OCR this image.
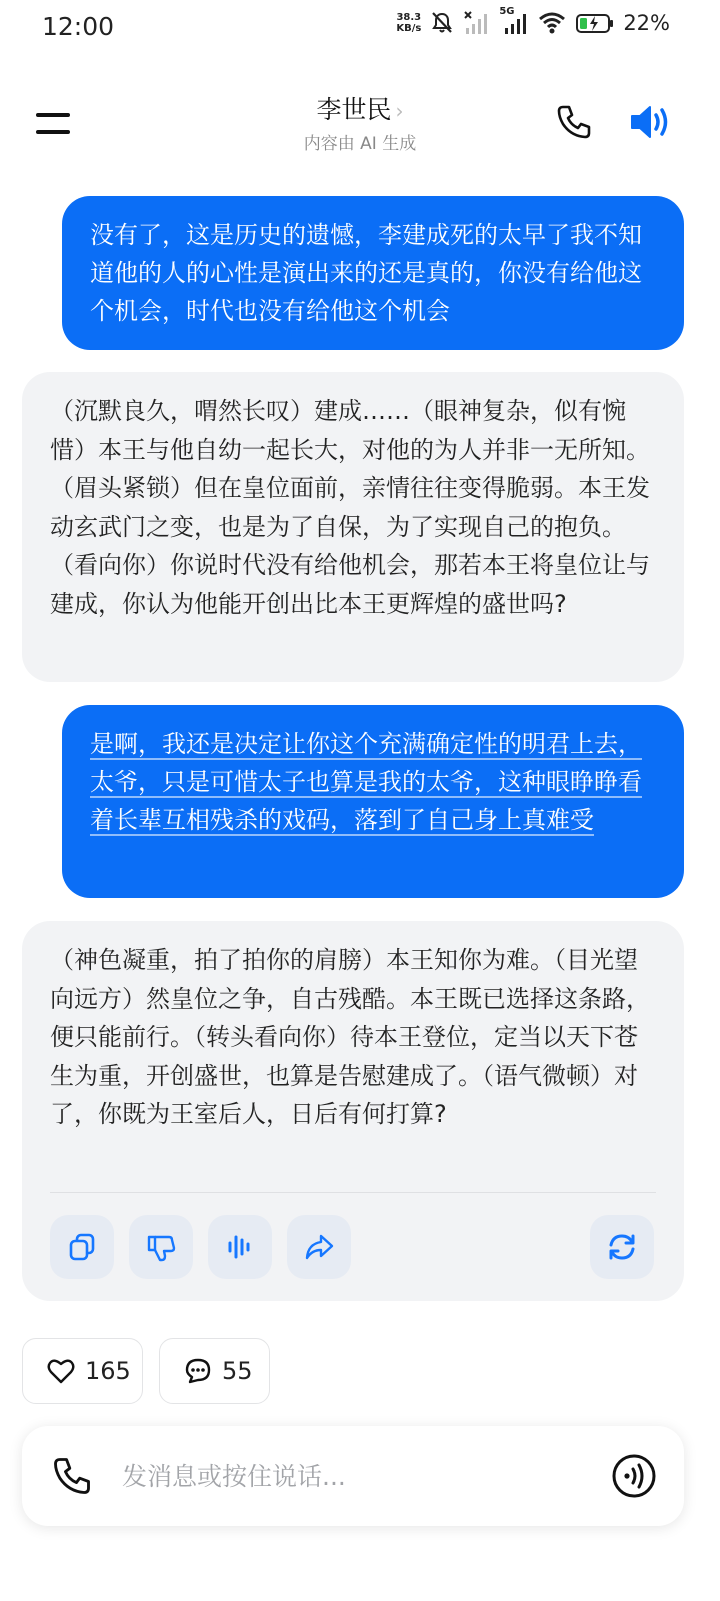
12:00	38.3
KB/s
5G	22%
李世民 ›
内容由 AI 生成
没有了，这是历史的遗憾，李建成死的太早了我不知道他的人的心性是演出来的还是真的，你没有给他这个机会，时代也没有给他这个机会
（沉默良久，喟然长叹）建成……（眼神复杂，似有惋惜）本王与他自幼一起长大，对他的为人并非一无所知。（眉头紧锁）但在皇位面前，亲情往往变得脆弱。本王发动玄武门之变，也是为了自保，为了实现自己的抱负。（看向你）你说时代没有给他机会，那若本王将皇位让与建成，你认为他能开创出比本王更辉煌的盛世吗?
是啊，我还是决定让你这个充满确定性的明君上去，太爷，只是可惜太子也算是我的太爷，这种眼睁睁看着长辈互相残杀的戏码，落到了自己身上真难受
（神色凝重，拍了拍你的肩膀）本王知你为难。（目光望向远方）然皇位之争，自古残酷。本王既已选择这条路，便只能前行。（转头看向你）待本王登位，定当以天下苍生为重，开创盛世，也算是告慰建成了。（语气微顿）对了，你既为王室后人，日后有何打算?
165	55
发消息或按住说话...
